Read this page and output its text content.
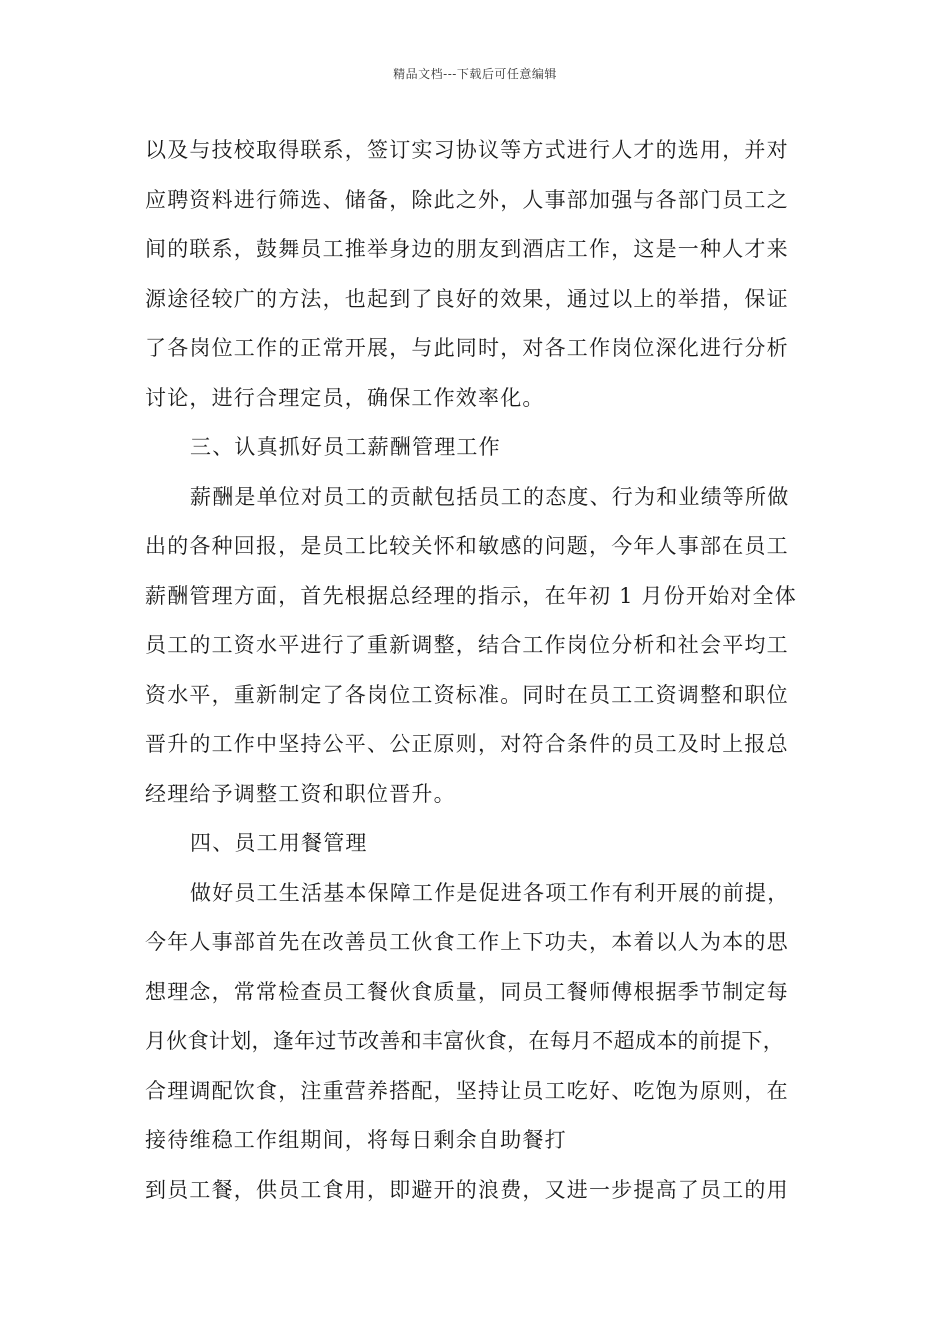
精品文档---下载后可任意编辑
以及与技校取得联系，签订实习协议等方式进行人才的选用，并对
应聘资料进行筛选、储备，除此之外，人事部加强与各部门员工之
间的联系，鼓舞员工推举身边的朋友到酒店工作，这是一种人才来
源途径较广的方法，也起到了良好的效果，通过以上的举措，保证
了各岗位工作的正常开展，与此同时，对各工作岗位深化进行分析
讨论，进行合理定员，确保工作效率化。
三、认真抓好员工薪酬管理工作
薪酬是单位对员工的贡献包括员工的态度、行为和业绩等所做
出的各种回报，是员工比较关怀和敏感的问题，今年人事部在员工
薪酬管理方面，首先根据总经理的指示，在年初 1 月份开始对全体
员工的工资水平进行了重新调整，结合工作岗位分析和社会平均工
资水平，重新制定了各岗位工资标准。同时在员工工资调整和职位
晋升的工作中坚持公平、公正原则，对符合条件的员工及时上报总
经理给予调整工资和职位晋升。
四、员工用餐管理
做好员工生活基本保障工作是促进各项工作有利开展的前提，
今年人事部首先在改善员工伙食工作上下功夫，本着以人为本的思
想理念，常常检查员工餐伙食质量，同员工餐师傅根据季节制定每
月伙食计划，逢年过节改善和丰富伙食，在每月不超成本的前提下，
合理调配饮食，注重营养搭配，坚持让员工吃好、吃饱为原则，在
接待维稳工作组期间，将每日剩余自助餐打
到员工餐，供员工食用，即避开的浪费，又进一步提高了员工的用
